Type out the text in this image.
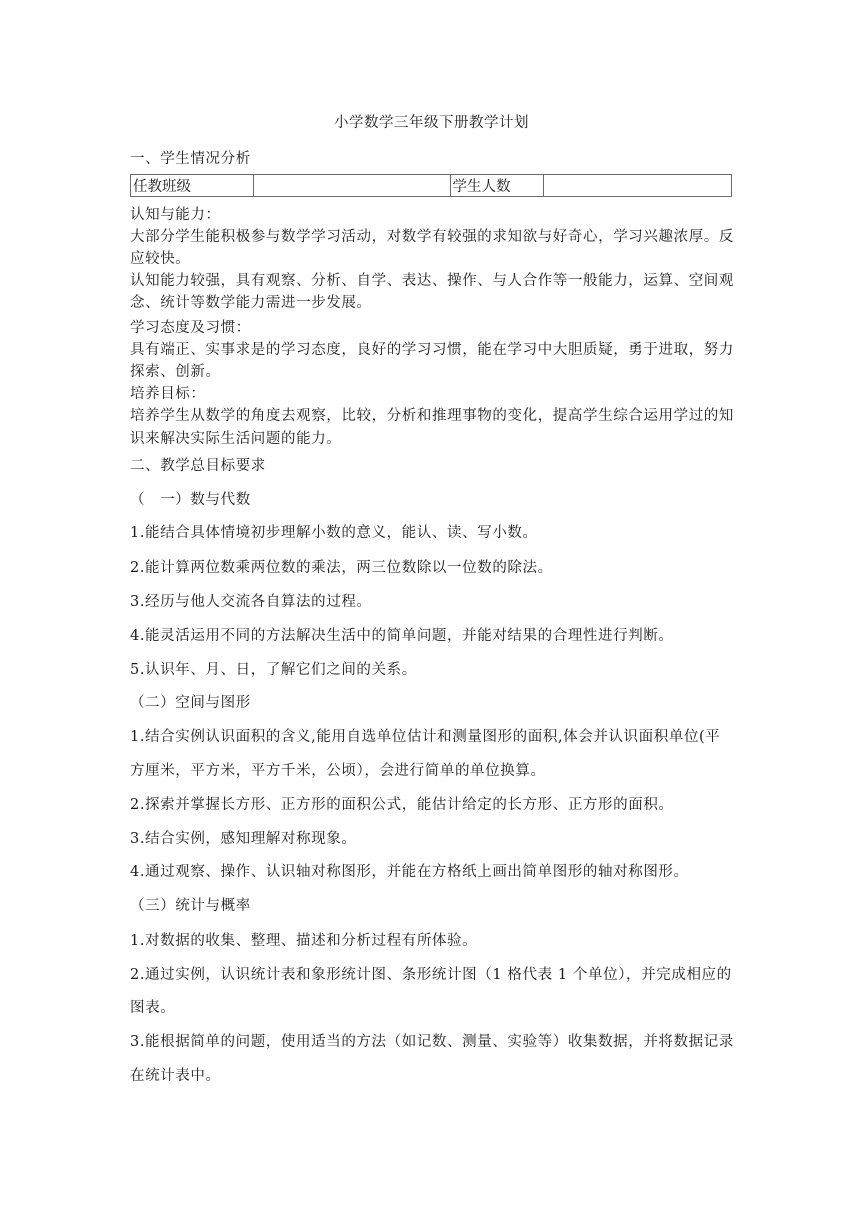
小学数学三年级下册教学计划
一、学生情况分析
任教班级		学生人数	
认知与能力：
大部分学生能积极参与数学学习活动，对数学有较强的求知欲与好奇心，学习兴趣浓厚。反
应较快。
认知能力较强，具有观察、分析、自学、表达、操作、与人合作等一般能力，运算、空间观
念、统计等数学能力需进一步发展。
学习态度及习惯：
具有端正、实事求是的学习态度，良好的学习习惯，能在学习中大胆质疑，勇于进取，努力
探索、创新。
培养目标：
培养学生从数学的角度去观察，比较，分析和推理事物的变化，提高学生综合运用学过的知
识来解决实际生活问题的能力。
二、教学总目标要求
（　一）数与代数
1.能结合具体情境初步理解小数的意义，能认、读、写小数。
2.能计算两位数乘两位数的乘法，两三位数除以一位数的除法。
3.经历与他人交流各自算法的过程。
4.能灵活运用不同的方法解决生活中的简单问题，并能对结果的合理性进行判断。
5.认识年、月、日，了解它们之间的关系。
（二）空间与图形
1.结合实例认识面积的含义,能用自选单位估计和测量图形的面积,体会并认识面积单位(平
方厘米，平方米，平方千米，公顷），会进行简单的单位换算。
2.探索并掌握长方形、正方形的面积公式，能估计给定的长方形、正方形的面积。
3.结合实例，感知理解对称现象。
4.通过观察、操作、认识轴对称图形，并能在方格纸上画出简单图形的轴对称图形。
（三）统计与概率
1.对数据的收集、整理、描述和分析过程有所体验。
2.通过实例，认识统计表和象形统计图、条形统计图（1 格代表 1 个单位），并完成相应的
图表。
3.能根据简单的问题，使用适当的方法（如记数、测量、实验等）收集数据，并将数据记录
在统计表中。
